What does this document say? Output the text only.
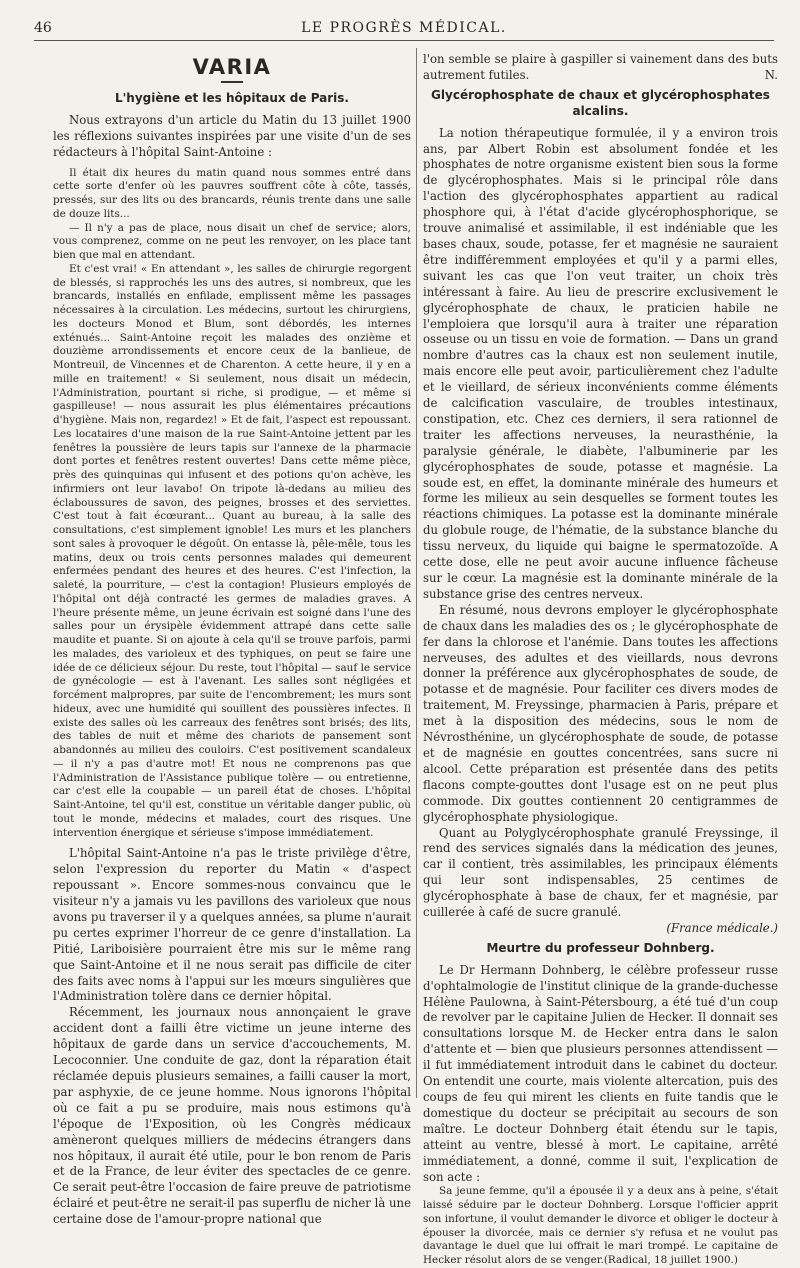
46	LE PROGRÈS MÉDICAL.
VARIA
L'hygiène et les hôpitaux de Paris.

Nous extrayons d'un article du Matin du 13 juillet 1900 les réflexions suivantes inspirées par une visite d'un de ses rédacteurs à l'hôpital Saint-Antoine :

Il était dix heures du matin quand nous sommes entré dans cette sorte d'enfer où les pauvres souffrent côte à côte, tassés, pressés, sur des lits ou des brancards, réunis trente dans une salle de douze lits...

— Il n'y a pas de place, nous disait un chef de service; alors, vous comprenez, comme on ne peut les renvoyer, on les place tant bien que mal en attendant.

Et c'est vrai! « En attendant », les salles de chirurgie regorgent de blessés, si rapprochés les uns des autres, si nombreux, que les brancards, installés en enfilade, emplissent même les passages nécessaires à la circulation. Les médecins, surtout les chirurgiens, les docteurs Monod et Blum, sont débordés, les internes exténués... Saint-Antoine reçoit les malades des onzième et douzième arrondissements et encore ceux de la banlieue, de Montreuil, de Vincennes et de Charenton. A cette heure, il y en a mille en traitement! « Si seulement, nous disait un médecin, l'Administration, pourtant si riche, si prodigue, — et même si gaspilleuse! — nous assurait les plus élémentaires précautions d'hygiène. Mais non, regardez! » Et de fait, l'aspect est repoussant. Les locataires d'une maison de la rue Saint-Antoine jettent par les fenêtres la poussière de leurs tapis sur l'annexe de la pharmacie dont portes et fenêtres restent ouvertes! Dans cette même pièce, près des quinquinas qui infusent et des potions qu'on achève, les infirmiers ont leur lavabo! On tripote là-dedans au milieu des éclaboussures de savon, des peignes, brosses et des serviettes. C'est tout à fait écœurant... Quant au bureau, à la salle des consultations, c'est simplement ignoble! Les murs et les planchers sont sales à provoquer le dégoût. On entasse là, pêle-mêle, tous les matins, deux ou trois cents personnes malades qui demeurent enfermées pendant des heures et des heures. C'est l'infection, la saleté, la pourriture, — c'est la contagion! Plusieurs employés de l'hôpital ont déjà contracté les germes de maladies graves. A l'heure présente même, un jeune écrivain est soigné dans l'une des salles pour un érysipèle évidemment attrapé dans cette salle maudite et puante. Si on ajoute à cela qu'il se trouve parfois, parmi les malades, des varioleux et des typhiques, on peut se faire une idée de ce délicieux séjour. Du reste, tout l'hôpital — sauf le service de gynécologie — est à l'avenant. Les salles sont négligées et forcément malpropres, par suite de l'encombrement; les murs sont hideux, avec une humidité qui souillent des poussières infectes. Il existe des salles où les carreaux des fenêtres sont brisés; des lits, des tables de nuit et même des chariots de pansement sont abandonnés au milieu des couloirs. C'est positivement scandaleux — il n'y a pas d'autre mot! Et nous ne comprenons pas que l'Administration de l'Assistance publique tolère — ou entretienne, car c'est elle la coupable — un pareil état de choses. L'hôpital Saint-Antoine, tel qu'il est, constitue un véritable danger public, où tout le monde, médecins et malades, court des risques. Une intervention énergique et sérieuse s'impose immédiatement.

L'hôpital Saint-Antoine n'a pas le triste privilège d'être, selon l'expression du reporter du Matin « d'aspect repoussant ». Encore sommes-nous convaincu que le visiteur n'y a jamais vu les pavillons des varioleux que nous avons pu traverser il y a quelques années, sa plume n'aurait pu certes exprimer l'horreur de ce genre d'installation. La Pitié, Lariboisière pourraient être mis sur le même rang que Saint-Antoine et il ne nous serait pas difficile de citer des faits avec noms à l'appui sur les mœurs singulières que l'Administration tolère dans ce dernier hôpital.

Récemment, les journaux nous annonçaient le grave accident dont a failli être victime un jeune interne des hôpitaux de garde dans un service d'accouchements, M. Lecoconnier. Une conduite de gaz, dont la réparation était réclamée depuis plusieurs semaines, a failli causer la mort, par asphyxie, de ce jeune homme. Nous ignorons l'hôpital où ce fait a pu se produire, mais nous estimons qu'à l'époque de l'Exposition, où les Congrès médicaux amèneront quelques milliers de médecins étrangers dans nos hôpitaux, il aurait été utile, pour le bon renom de Paris et de la France, de leur éviter des spectacles de ce genre. Ce serait peut-être l'occasion de faire preuve de patriotisme éclairé et peut-être ne serait-il pas superflu de nicher là une certaine dose de l'amour-propre national que

l'on semble se plaire à gaspiller si vainement dans des buts autrement futiles.	N.

Glycérophosphate de chaux et glycérophosphates alcalins.

La notion thérapeutique formulée, il y a environ trois ans, par Albert Robin est absolument fondée et les phosphates de notre organisme existent bien sous la forme de glycérophosphates. Mais si le principal rôle dans l'action des glycérophosphates appartient au radical phosphore qui, à l'état d'acide glycérophosphorique, se trouve animalisé et assimilable, il est indéniable que les bases chaux, soude, potasse, fer et magnésie ne sauraient être indifféremment employées et qu'il y a parmi elles, suivant les cas que l'on veut traiter, un choix très intéressant à faire. Au lieu de prescrire exclusivement le glycérophosphate de chaux, le praticien habile ne l'emploiera que lorsqu'il aura à traiter une réparation osseuse ou un tissu en voie de formation. — Dans un grand nombre d'autres cas la chaux est non seulement inutile, mais encore elle peut avoir, particulièrement chez l'adulte et le vieillard, de sérieux inconvénients comme éléments de calcification vasculaire, de troubles intestinaux, constipation, etc. Chez ces derniers, il sera rationnel de traiter les affections nerveuses, la neurasthénie, la paralysie générale, le diabète, l'albuminerie par les glycérophosphates de soude, potasse et magnésie. La soude est, en effet, la dominante minérale des humeurs et forme les milieux au sein desquelles se forment toutes les réactions chimiques. La potasse est la dominante minérale du globule rouge, de l'hématie, de la substance blanche du tissu nerveux, du liquide qui baigne le spermatozoïde. A cette dose, elle ne peut avoir aucune influence fâcheuse sur le cœur. La magnésie est la dominante minérale de la substance grise des centres nerveux.

En résumé, nous devrons employer le glycérophosphate de chaux dans les maladies des os ; le glycérophosphate de fer dans la chlorose et l'anémie. Dans toutes les affections nerveuses, des adultes et des vieillards, nous devrons donner la préférence aux glycérophosphates de soude, de potasse et de magnésie. Pour faciliter ces divers modes de traitement, M. Freyssinge, pharmacien à Paris, prépare et met à la disposition des médecins, sous le nom de Névrosthénine, un glycérophosphate de soude, de potasse et de magnésie en gouttes concentrées, sans sucre ni alcool. Cette préparation est présentée dans des petits flacons compte-gouttes dont l'usage est on ne peut plus commode. Dix gouttes contiennent 20 centigrammes de glycérophosphate physiologique.

Quant au Polyglycérophosphate granulé Freyssinge, il rend des services signalés dans la médication des jeunes, car il contient, très assimilables, les principaux éléments qui leur sont indispensables, 25 centimes de glycérophosphate à base de chaux, fer et magnésie, par cuillerée à café de sucre granulé.

(France médicale.)

Meurtre du professeur Dohnberg.

Le Dr Hermann Dohnberg, le célèbre professeur russe d'ophtalmologie de l'institut clinique de la grande-duchesse Hélène Paulowna, à Saint-Pétersbourg, a été tué d'un coup de revolver par le capitaine Julien de Hecker. Il donnait ses consultations lorsque M. de Hecker entra dans le salon d'attente et — bien que plusieurs personnes attendissent — il fut immédiatement introduit dans le cabinet du docteur. On entendit une courte, mais violente altercation, puis des coups de feu qui mirent les clients en fuite tandis que le domestique du docteur se précipitait au secours de son maître. Le docteur Dohnberg était étendu sur le tapis, atteint au ventre, blessé à mort. Le capitaine, arrêté immédiatement, a donné, comme il suit, l'explication de son acte :

Sa jeune femme, qu'il a épousée il y a deux ans à peine, s'était laissé séduire par le docteur Dohnberg. Lorsque l'officier apprit son infortune, il voulut demander le divorce et obliger le docteur à épouser la divorcée, mais ce dernier s'y refusa et ne voulut pas davantage le duel que lui offrait le mari trompé. Le capitaine de Hecker résolut alors de se venger.(Radical, 18 juillet 1900.)
